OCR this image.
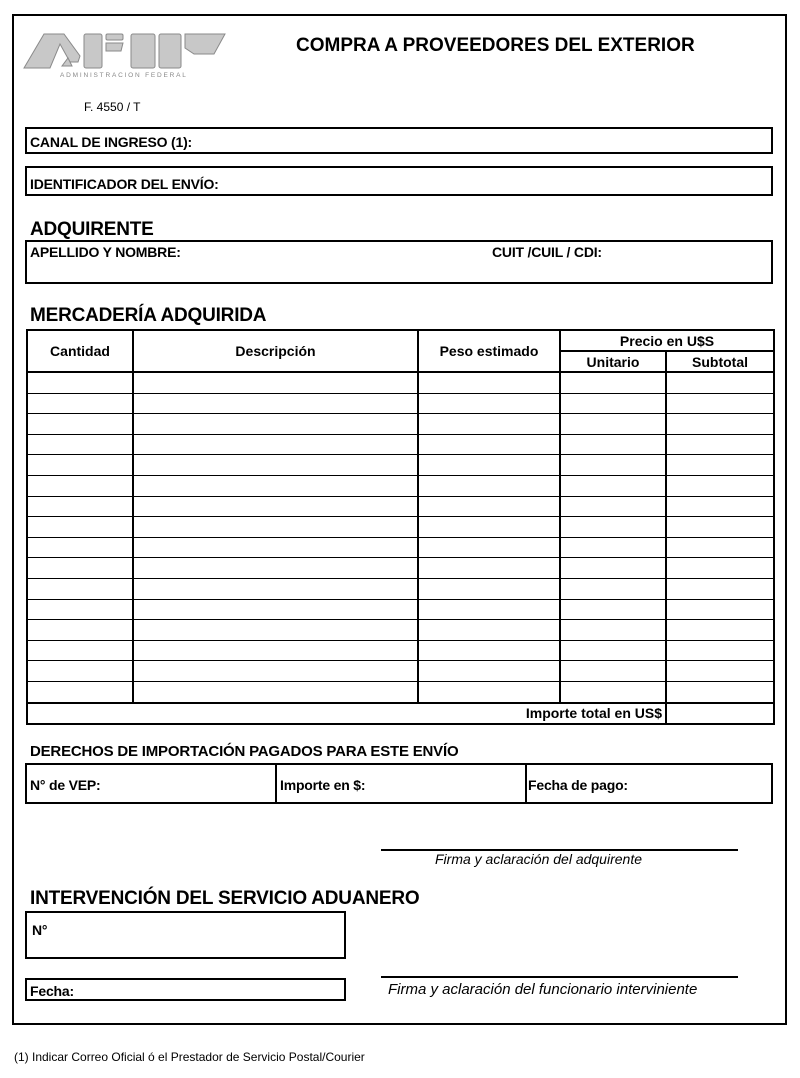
ADMINISTRACION FEDERAL
COMPRA A PROVEEDORES DEL EXTERIOR
F. 4550 / T
CANAL DE INGRESO (1):
IDENTIFICADOR DEL ENVÍO:
ADQUIRENTE
APELLIDO Y NOMBRE:	CUIT /CUIL / CDI:
MERCADERÍA ADQUIRIDA
Cantidad	Descripción	Peso estimado	Precio en U$S	
			Unitario	Subtotal

Importe total en US$				
DERECHOS DE IMPORTACIÓN PAGADOS PARA ESTE ENVÍO
N° de VEP:	Importe en $:	Fecha de pago:
Firma y aclaración del adquirente
INTERVENCIÓN DEL SERVICIO ADUANERO
N°
Fecha:	Firma y aclaración del funcionario interviniente
(1) Indicar Correo Oficial ó el Prestador de Servicio Postal/Courier
